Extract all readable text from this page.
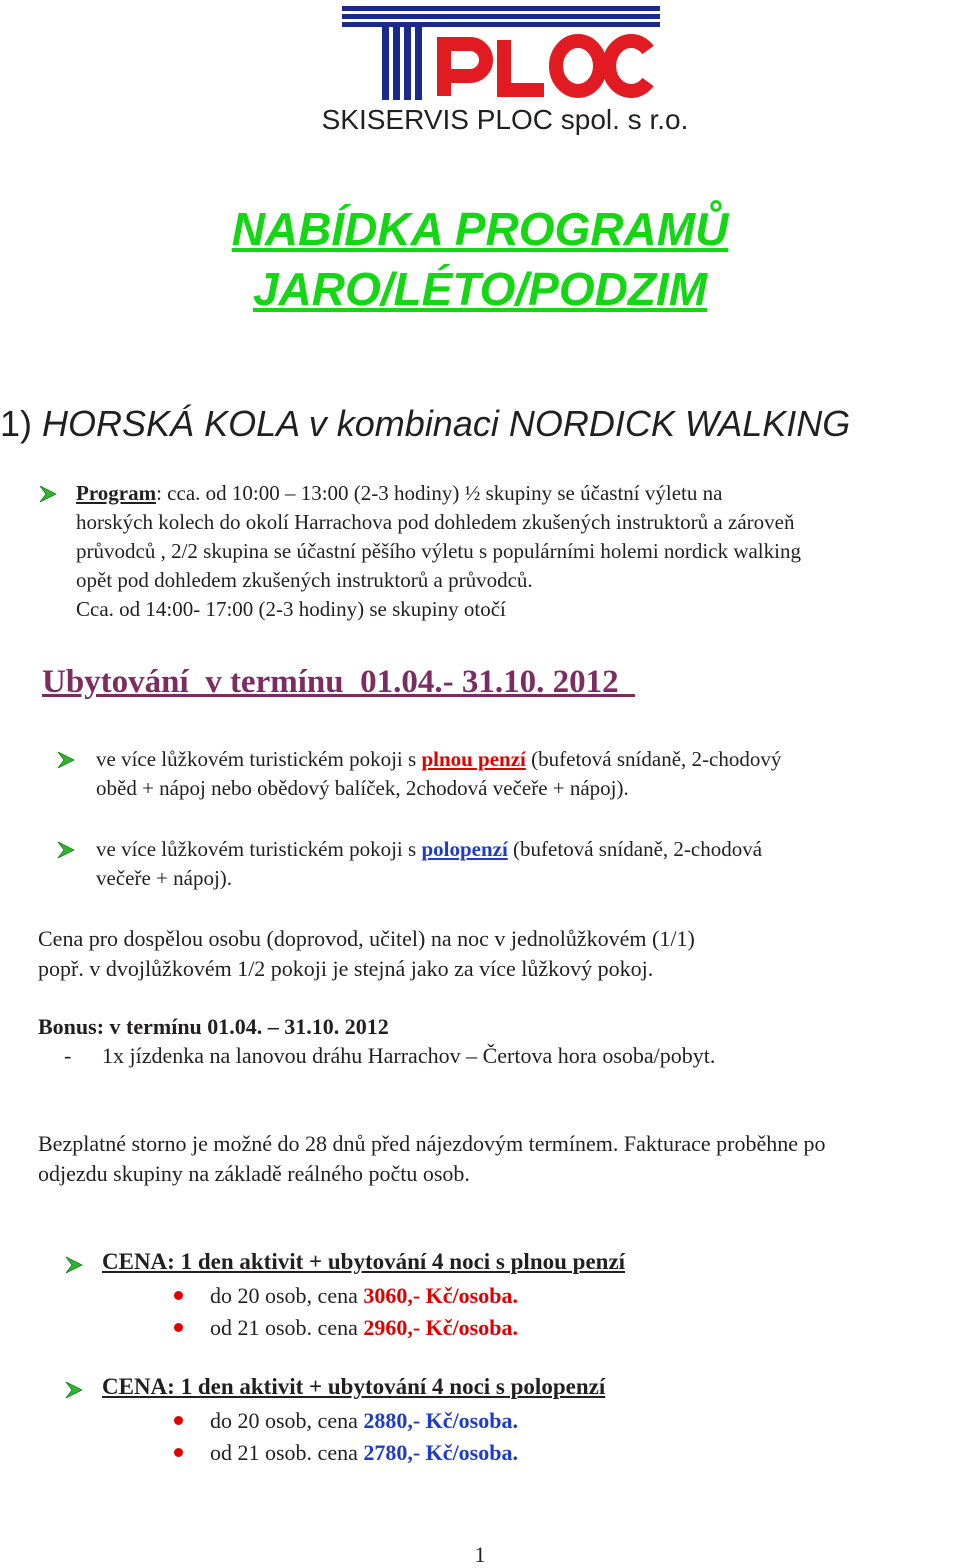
SKISERVIS PLOC spol. s r.o.
NABÍDKA PROGRAMŮ
JARO/LÉTO/PODZIM
1) HORSKÁ KOLA v kombinaci NORDICK WALKING
Program: cca. od 10:00 – 13:00 (2-3 hodiny) ½ skupiny se účastní výletu na
horských kolech do okolí Harrachova pod dohledem zkušených instruktorů a zároveň
průvodců , 2/2 skupina se účastní pěšího výletu s populárními holemi nordick walking
opět pod dohledem zkušených instruktorů a průvodců.
Cca. od 14:00- 17:00 (2-3 hodiny) se skupiny otočí
Ubytování  v termínu  01.04.- 31.10. 2012
ve více lůžkovém turistickém pokoji s plnou penzí (bufetová snídaně, 2-chodový
oběd + nápoj nebo obědový balíček, 2chodová večeře + nápoj).
ve více lůžkovém turistickém pokoji s polopenzí (bufetová snídaně, 2-chodová
večeře + nápoj).
Cena pro dospělou osobu (doprovod, učitel) na noc v jednolůžkovém (1/1)
popř. v dvojlůžkovém 1/2 pokoji je stejná jako za více lůžkový pokoj.
Bonus: v termínu 01.04. – 31.10. 2012
- 1x jízdenka na lanovou dráhu Harrachov – Čertova hora osoba/pobyt.
Bezplatné storno je možné do 28 dnů před nájezdovým termínem. Fakturace proběhne po
odjezdu skupiny na základě reálného počtu osob.
CENA: 1 den aktivit + ubytování 4 noci s plnou penzí
do 20 osob, cena 3060,- Kč/osoba.
od 21 osob. cena 2960,- Kč/osoba.
CENA: 1 den aktivit + ubytování 4 noci s polopenzí
do 20 osob, cena 2880,- Kč/osoba.
od 21 osob. cena 2780,- Kč/osoba.
1
